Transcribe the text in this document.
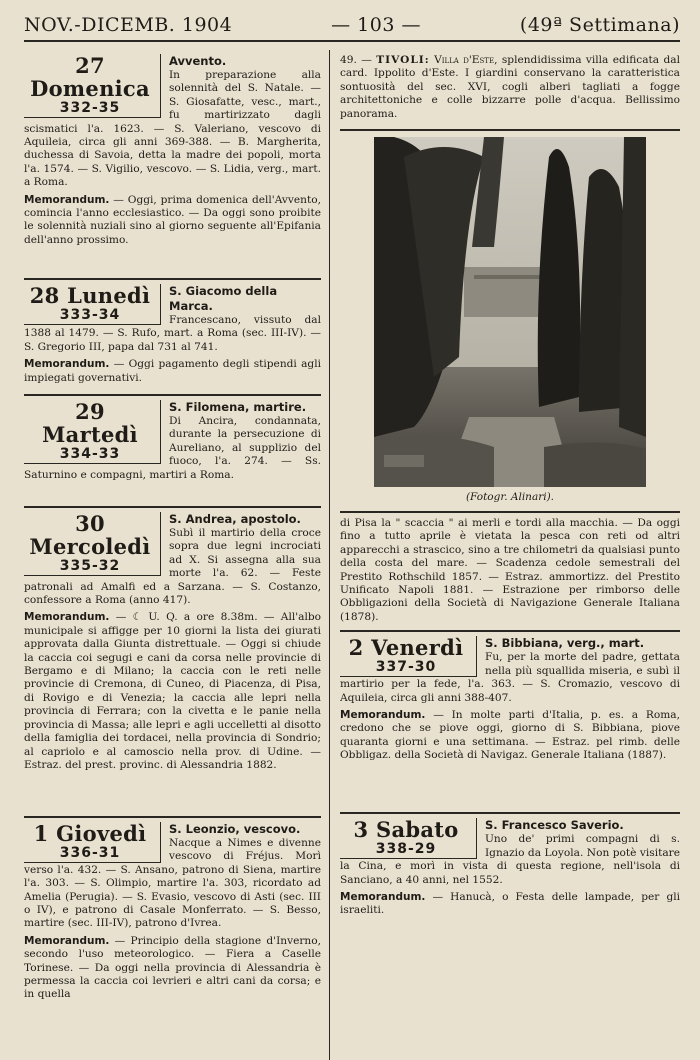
NOV.-DICEMB. 1904	— 103 —	(49ª Settimana)
27 Domenica
332-35
Avvento.
In preparazione alla solennità del S. Natale. — S. Giosafatte, vesc., mart., fu martirizzato dagli scismatici l'a. 1623. — S. Valeriano, vescovo di Aquileia, circa gli anni 369-388. — B. Margherita, duchessa di Savoia, detta la madre dei popoli, morta l'a. 1574. — S. Vigilio, vescovo. — S. Lidia, verg., mart. a Roma.
Memorandum. — Oggi, prima domenica dell'Avvento, comincia l'anno ecclesiastico. — Da oggi sono proibite le solennità nuziali sino al giorno seguente all'Epifania dell'anno prossimo.
28 Lunedì
333-34
S. Giacomo della Marca.
Francescano, vissuto dal 1388 al 1479. — S. Rufo, mart. a Roma (sec. III-IV). — S. Gregorio III, papa dal 731 al 741.
Memorandum. — Oggi pagamento degli stipendi agli impiegati governativi.
29 Martedì
334-33
S. Filomena, martire.
Di Ancira, condannata, durante la persecuzione di Aureliano, al supplizio del fuoco, l'a. 274. — Ss. Saturnino e compagni, martiri a Roma.
30 Mercoledì
335-32
S. Andrea, apostolo.
Subì il martirio della croce sopra due legni incrociati ad X. Si assegna alla sua morte l'a. 62. — Feste patronali ad Amalfi ed a Sarzana. — S. Costanzo, confessore a Roma (anno 417).
Memorandum. — ☾ U. Q. a ore 8.38m. — All'albo municipale si affigge per 10 giorni la lista dei giurati approvata dalla Giunta distrettuale. — Oggi si chiude la caccia coi segugi e cani da corsa nelle provincie di Bergamo e di Milano; la caccia con le reti nelle provincie di Cremona, di Cuneo, di Piacenza, di Pisa, di Rovigo e di Venezia; la caccia alle lepri nella provincia di Ferrara; con la civetta e le panie nella provincia di Massa; alle lepri e agli uccelletti al disotto della famiglia dei tordacei, nella provincia di Sondrio; al capriolo e al camoscio nella prov. di Udine. — Estraz. del prest. provinc. di Alessandria 1882.
1 Giovedì
336-31
S. Leonzio, vescovo.
Nacque a Nimes e divenne vescovo di Fréjus. Morì verso l'a. 432. — S. Ansano, patrono di Siena, martire l'a. 303. — S. Olimpio, martire l'a. 303, ricordato ad Amelia (Perugia). — S. Evasio, vescovo di Asti (sec. III o IV), e patrono di Casale Monferrato. — S. Besso, martire (sec. III-IV), patrono d'Ivrea.
Memorandum. — Principio della stagione d'Inverno, secondo l'uso meteorologico. — Fiera a Caselle Torinese. — Da oggi nella provincia di Alessandria è permessa la caccia coi levrieri e altri cani da corsa; e in quella
49. — TIVOLI: Villa d'Este, splendidissima villa edificata dal card. Ippolito d'Este. I giardini conservano la caratteristica sontuosità del sec. XVI, cogli alberi tagliati a fogge architettoniche e colle bizzarre polle d'acqua. Bellissimo panorama.
(Fotogr. Alinari).
di Pisa la " scaccia " ai merli e tordi alla macchia. — Da oggi fino a tutto aprile è vietata la pesca con reti od altri apparecchi a strascico, sino a tre chilometri da qualsiasi punto della costa del mare. — Scadenza cedole semestrali del Prestito Rothschild 1857. — Estraz. ammortizz. del Prestito Unificato Napoli 1881. — Estrazione per rimborso delle Obbligazioni della Società di Navigazione Generale Italiana (1878).
2 Venerdì
337-30
S. Bibbiana, verg., mart.
Fu, per la morte del padre, gettata nella più squallida miseria, e subì il martirio per la fede, l'a. 363. — S. Cromazio, vescovo di Aquileia, circa gli anni 388-407.
Memorandum. — In molte parti d'Italia, p. es. a Roma, credono che se piove oggi, giorno di S. Bibbiana, piove quaranta giorni e una settimana. — Estraz. pel rimb. delle Obbligaz. della Società di Navigaz. Generale Italiana (1887).
3 Sabato
338-29
S. Francesco Saverio.
Uno de' primi compagni di s. Ignazio da Loyola. Non potè visitare la Cina, e morì in vista di questa regione, nell'isola di Sanciano, a 40 anni, nel 1552.
Memorandum. — Hanucà, o Festa delle lampade, per gli israeliti.
